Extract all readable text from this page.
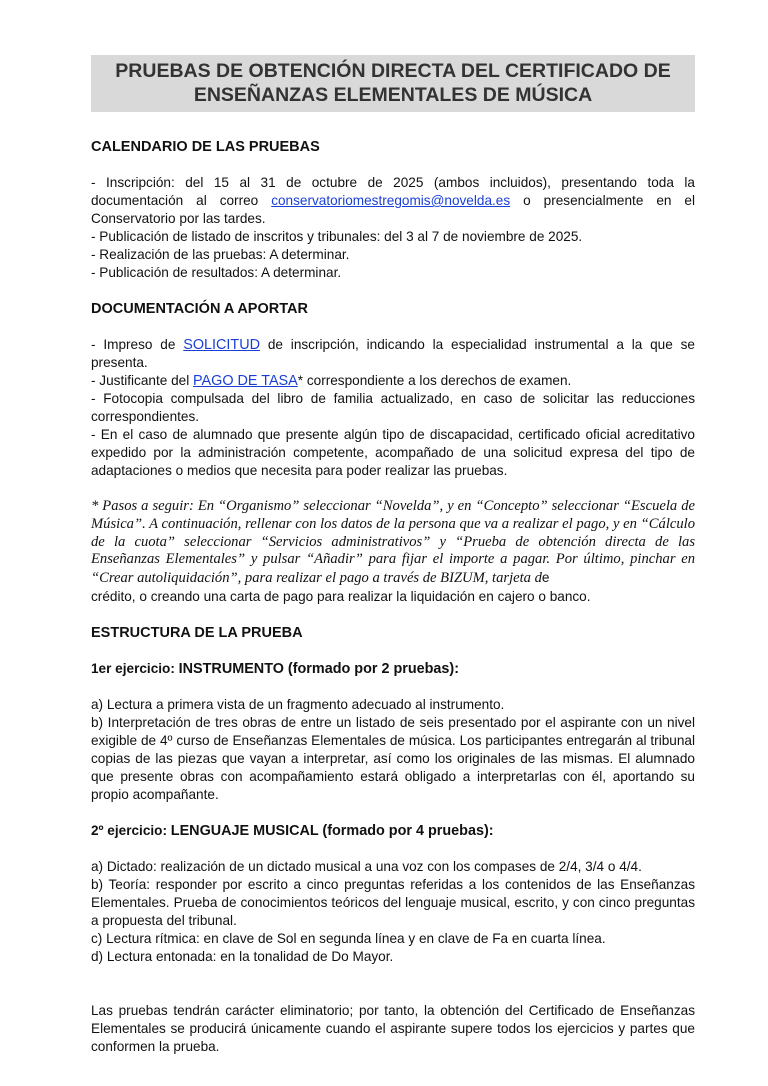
PRUEBAS DE OBTENCIÓN DIRECTA DEL CERTIFICADO DE
ENSEÑANZAS ELEMENTALES DE MÚSICA
CALENDARIO DE LAS PRUEBAS

- Inscripción: del 15 al 31 de octubre de 2025 (ambos incluidos), presentando toda la documentación al correo conservatoriomestregomis@novelda.es o presencialmente en el Conservatorio por las tardes.

- Publicación de listado de inscritos y tribunales: del 3 al 7 de noviembre de 2025.

- Realización de las pruebas: A determinar.

- Publicación de resultados: A determinar.

DOCUMENTACIÓN A APORTAR

- Impreso de SOLICITUD de inscripción, indicando la especialidad instrumental a la que se presenta.

- Justificante del PAGO DE TASA* correspondiente a los derechos de examen.

- Fotocopia compulsada del libro de familia actualizado, en caso de solicitar las reducciones correspondientes.

- En el caso de alumnado que presente algún tipo de discapacidad, certificado oficial acreditativo expedido por la administración competente, acompañado de una solicitud expresa del tipo de adaptaciones o medios que necesita para poder realizar las pruebas.

* Pasos a seguir: En “Organismo” seleccionar “Novelda”, y en “Concepto” seleccionar “Escuela de Música”. A continuación, rellenar con los datos de la persona que va a realizar el pago, y en “Cálculo de la cuota” seleccionar “Servicios administrativos” y “Prueba de obtención directa de las Enseñanzas Elementales” y pulsar “Añadir” para fijar el importe a pagar. Por último, pinchar en “Crear autoliquidación”, para realizar el pago a través de BIZUM, tarjeta de

crédito, o creando una carta de pago para realizar la liquidación en cajero o banco.

ESTRUCTURA DE LA PRUEBA
1er ejercicio: INSTRUMENTO (formado por 2 pruebas):

a) Lectura a primera vista de un fragmento adecuado al instrumento.

b) Interpretación de tres obras de entre un listado de seis presentado por el aspirante con un nivel exigible de 4º curso de Enseñanzas Elementales de música. Los participantes entregarán al tribunal copias de las piezas que vayan a interpretar, así como los originales de las mismas. El alumnado que presente obras con acompañamiento estará obligado a interpretarlas con él, aportando su propio acompañante.

2º ejercicio: LENGUAJE MUSICAL (formado por 4 pruebas):

a) Dictado: realización de un dictado musical a una voz con los compases de 2/4, 3/4 o 4/4.

b) Teoría: responder por escrito a cinco preguntas referidas a los contenidos de las Enseñanzas Elementales. Prueba de conocimientos teóricos del lenguaje musical, escrito, y con cinco preguntas a propuesta del tribunal.

c) Lectura rítmica: en clave de Sol en segunda línea y en clave de Fa en cuarta línea.

d) Lectura entonada: en la tonalidad de Do Mayor.

Las pruebas tendrán carácter eliminatorio; por tanto, la obtención del Certificado de Enseñanzas Elementales se producirá únicamente cuando el aspirante supere todos los ejercicios y partes que conformen la prueba.
